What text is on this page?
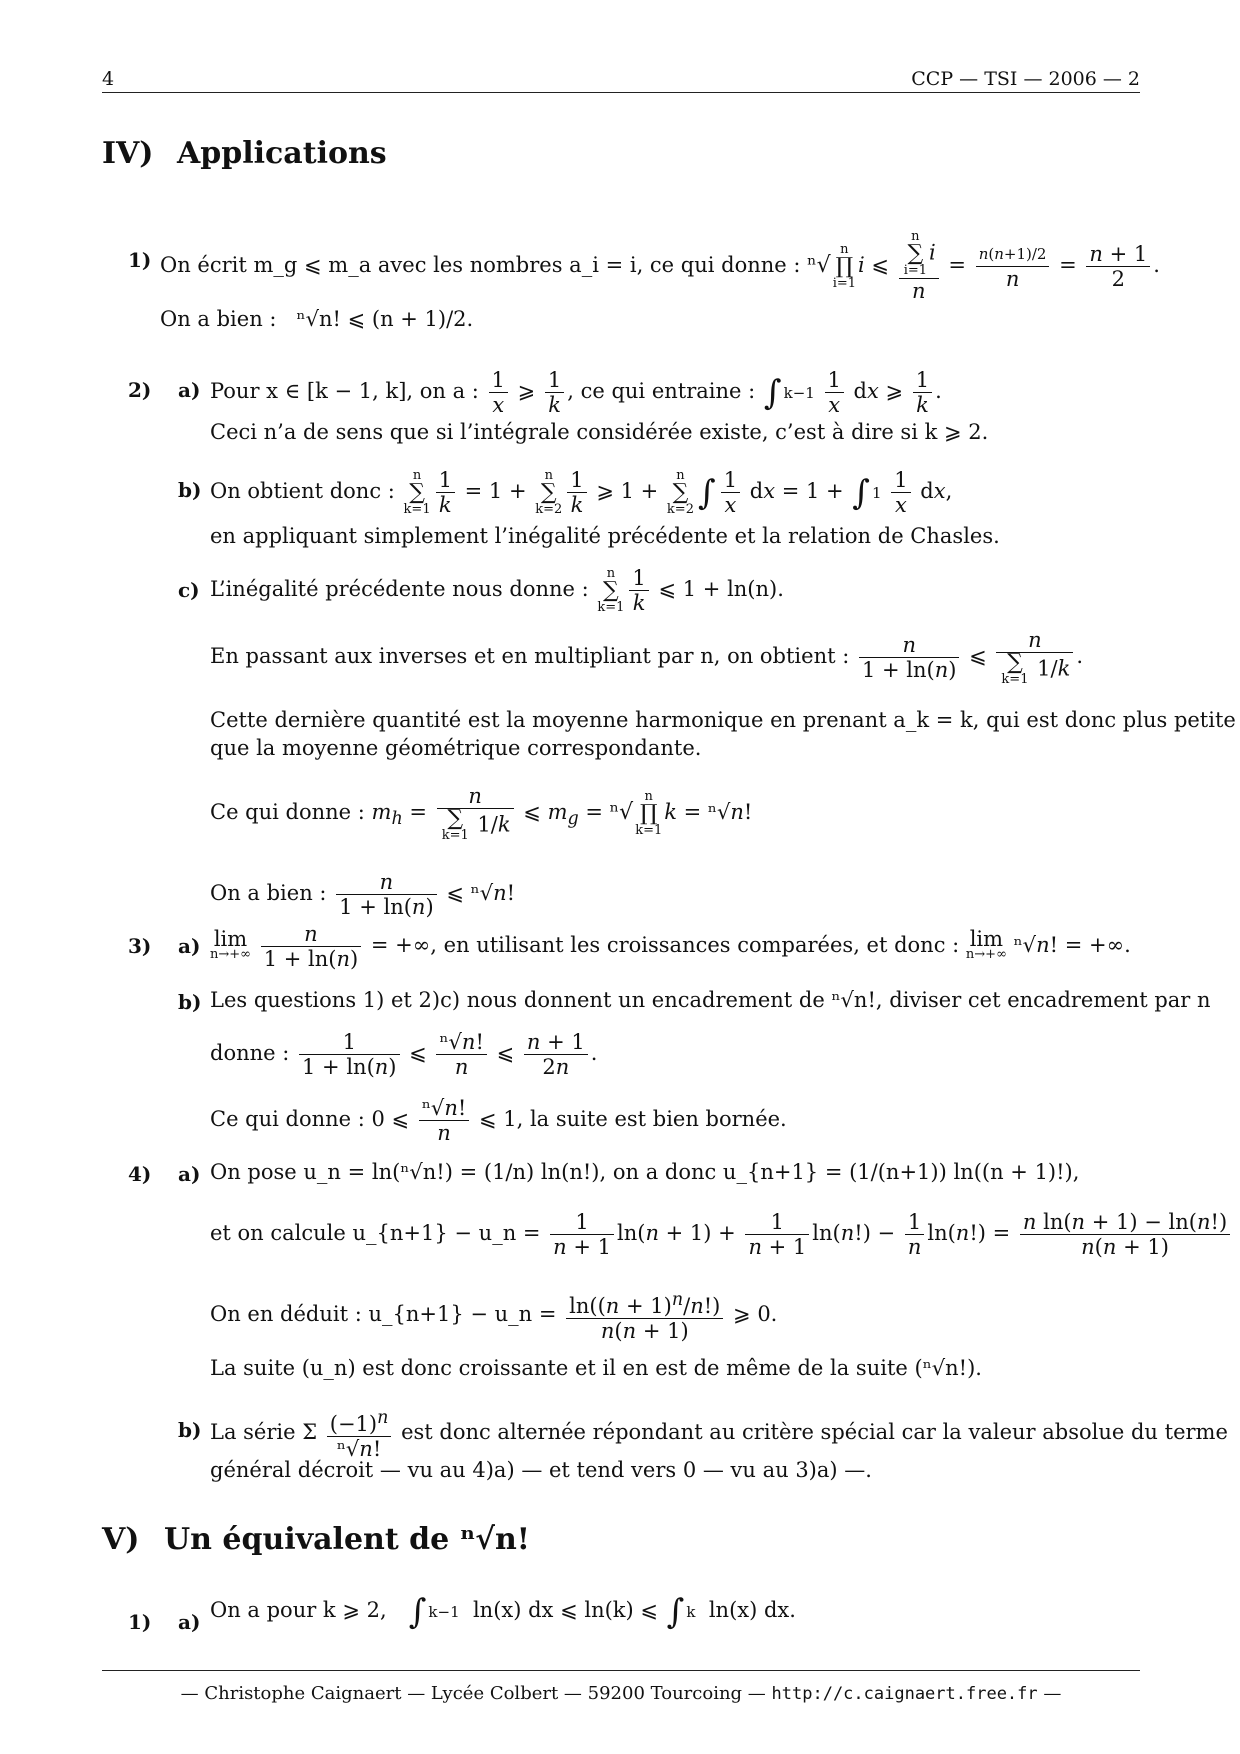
4	CCP — TSI — 2006 — 2
IV) Applications
1) On écrit m_g ⩽ m_a avec les nombres a_i = i, ce qui donne : ⁿ√
n
∏
i=1
i ⩽ n
∑
i=1
i
$n = \frac{n(n+1)/2}{n} = \frac{n + 1}{2}$ .
On a bien : ⁿ√n! ⩽ (n + 1)/2.
2) a) Pour x ∈ [k − 1, k], on a : $\frac{1}{x}$ ⩾ $\frac{1}{k}$ , ce qui entraine : ∫ $k-1 \frac{1}{x}$ dx ⩾ $\frac{1}{k}$ .
Ceci n’a de sens que si l’intégrale considérée existe, c’est à dire si k ⩾ 2.
b) On obtient donc :
n
∑
$k=1 \frac{1}{k} = 1$ +
n
∑
$k=2 \frac{1}{k}$ ⩾ 1 +
n
∑
k=2 ∫ $\frac{1}{x}$ dx = 1 + ∫ $1 \frac{1}{x}$ dx,
en appliquant simplement l’inégalité précédente et la relation de Chasles.
c) L’inégalité précédente nous donne :
n
∑
$k=1 \frac{1}{k}$ ⩽ 1 + ln(n).
En passant aux inverses et en multipliant par n, on obtient : $\frac{n}{1 + \ln(n)}$ ⩽ n
∑
k=1 1/k .
Cette dernière quantité est la moyenne harmonique en prenant a_k = k, qui est donc plus petite
que la moyenne géométrique correspondante.
Ce qui donne : $m_h = n$
∑
k=1 1/k ⩽ $m_g = ^n√$
n
∏
k=1
k = ⁿ√n!
On a bien : $\frac{n}{1 + \ln(n)}$ ⩽ ⁿ√n!
3) a) lim
n→+∞
$\frac{n}{1 + \ln(n)}$ = +∞, en utilisant les croissances comparées, et donc : lim
n→+∞ ⁿ√n! = +∞.
b) Les questions 1) et 2)c) nous donnent un encadrement de ⁿ√n!, diviser cet encadrement par n
donne : $\frac{1}{1 + \ln(n)}$ ⩽ $\frac{\text{ⁿ√n!}}{n}$ ⩽ $\frac{n + 1}{2n}$ .
Ce qui donne : 0 ⩽ $\frac{\text{ⁿ√n!}}{n}$ ⩽ 1, la suite est bien bornée.
4) a) On pose u_n = ln(ⁿ√n!) = (1/n) ln(n!), on a donc u_{n+1} = (1/(n+1)) ln((n + 1)!),
et on calcule u_{n+1} − u_n = $\frac{1}{n + 1} \ln(n + 1) + \frac{1}{n + 1} \ln(n!) - \frac{1}{n} \ln(n!) = \frac{\text{n ln(n + 1) − ln(n!)}}{n(n + 1)}$
On en déduit : u_{n+1} − u_n = $\frac{\ln((n + 1)^n/n!)}{n(n + 1)}$ ⩾ 0.
La suite (u_n) est donc croissante et il en est de même de la suite (ⁿ√n!).
b) La série Σ $\frac{(-1)^n}{\text{ⁿ√n!}}$ est donc alternée répondant au critère spécial car la valeur absolue du terme
général décroit — vu au 4)a) — et tend vers 0 — vu au 3)a) —.
V) Un équivalent de ⁿ√n!
1) a) On a pour k ⩾ 2, ∫ k−1 ln(x) dx ⩽ ln(k) ⩽ ∫ k ln(x) dx.
— Christophe Caignaert — Lycée Colbert — 59200 Tourcoing — http://c.caignaert.free.fr —
